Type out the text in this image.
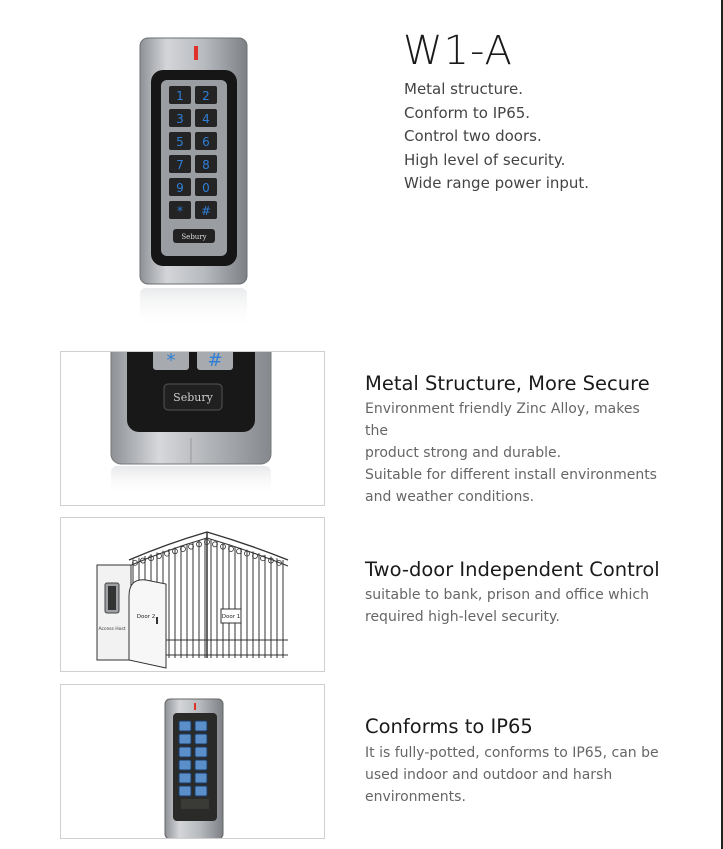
1 2
3 4
5 6
7 8
9 0
* #
Sebury
W1-A
Metal structure.
Conform to IP65.
Control two doors.
High level of security.
Wide range power input.
* #
Sebury
Metal Structure, More Secure
Environment friendly Zinc Alloy, makes the
product strong and durable.
Suitable for different install environments
and weather conditions.
Access Host
Door 2	Door 1
Two-door Independent Control
suitable to bank, prison and office which
required high-level security.
Conforms to IP65
It is fully-potted, conforms to IP65, can be
used indoor and outdoor and harsh
environments.
